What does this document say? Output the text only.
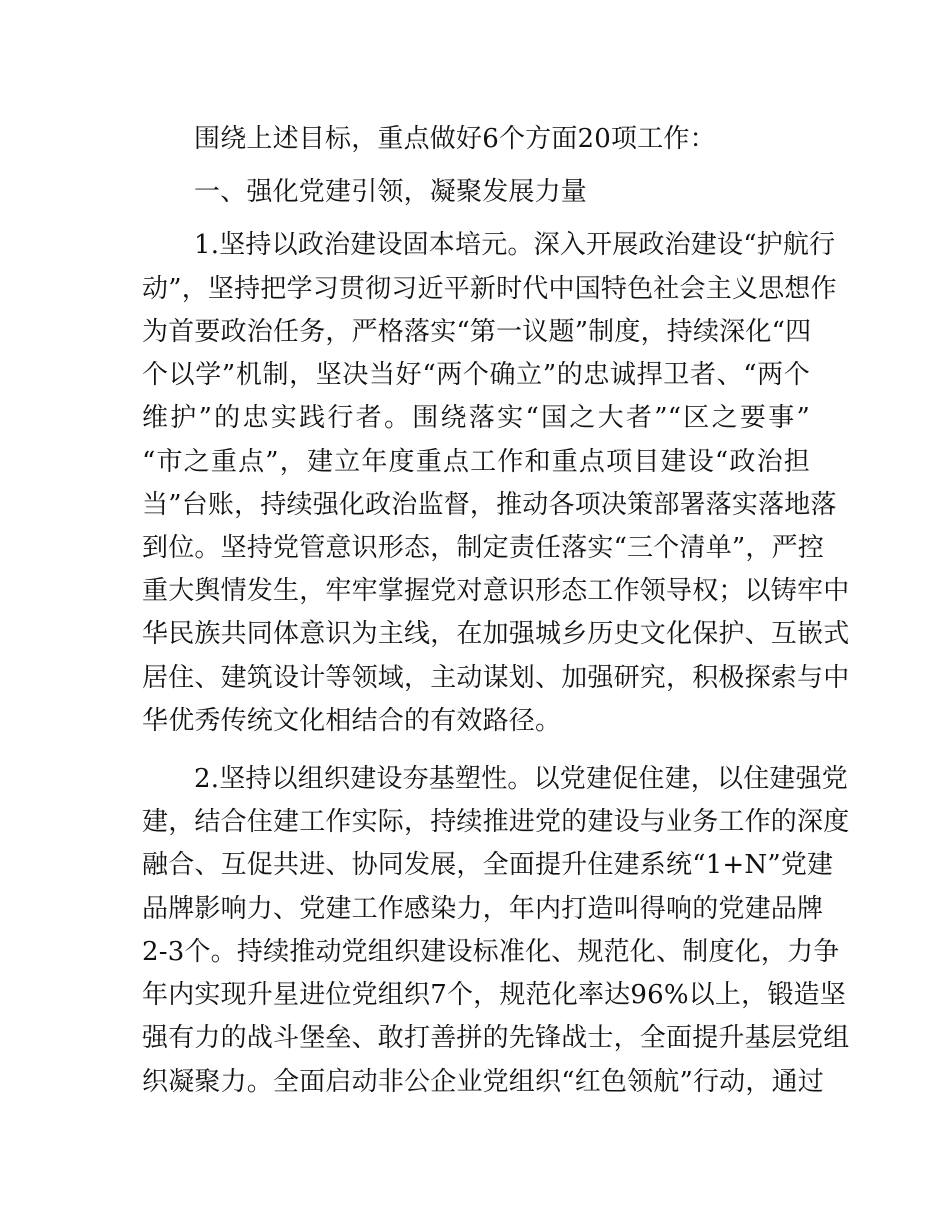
围绕上述目标，重点做好6个方面20项工作：
一、强化党建引领，凝聚发展力量
1.坚持以政治建设固本培元。深入开展政治建设“护航行
动”，坚持把学习贯彻习近平新时代中国特色社会主义思想作
为首要政治任务，严格落实“第一议题”制度，持续深化“四
个以学”机制，坚决当好“两个确立”的忠诚捍卫者、“两个
维护”的忠实践行者。围绕落实“国之大者”“区之要事”
“市之重点”，建立年度重点工作和重点项目建设“政治担
当”台账，持续强化政治监督，推动各项决策部署落实落地落
到位。坚持党管意识形态，制定责任落实“三个清单”，严控
重大舆情发生，牢牢掌握党对意识形态工作领导权；以铸牢中
华民族共同体意识为主线，在加强城乡历史文化保护、互嵌式
居住、建筑设计等领域，主动谋划、加强研究，积极探索与中
华优秀传统文化相结合的有效路径。
2.坚持以组织建设夯基塑性。以党建促住建，以住建强党
建，结合住建工作实际，持续推进党的建设与业务工作的深度
融合、互促共进、协同发展，全面提升住建系统“1+N”党建
品牌影响力、党建工作感染力，年内打造叫得响的党建品牌
2-3个。持续推动党组织建设标准化、规范化、制度化，力争
年内实现升星进位党组织7个，规范化率达96%以上，锻造坚
强有力的战斗堡垒、敢打善拼的先锋战士，全面提升基层党组
织凝聚力。全面启动非公企业党组织“红色领航”行动，通过
